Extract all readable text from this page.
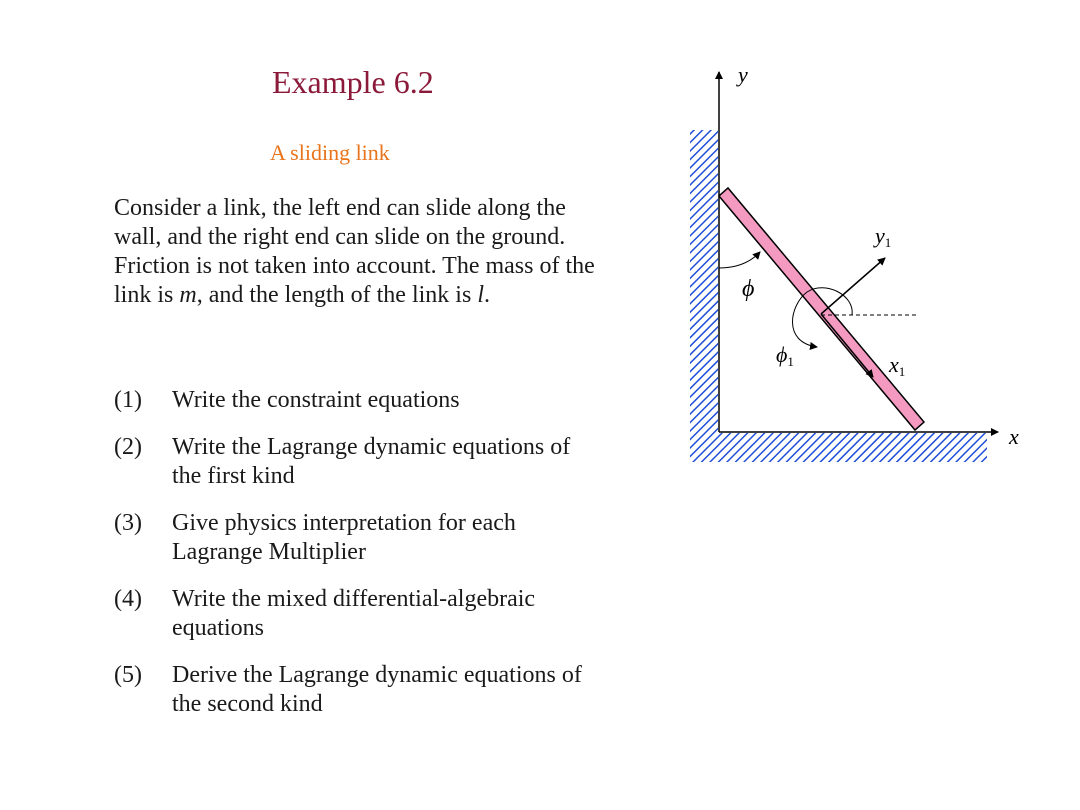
Example 6.2
A sliding link
Consider a link, the left end can slide along the wall, and the right end can slide on the ground. Friction is not taken into account. The mass of the link is m, and the length of the link is l.
(1) Write the constraint equations
(2) Write the Lagrange dynamic equations of the first kind
(3) Give physics interpretation for each Lagrange Multiplier
(4) Write the mixed differential-algebraic equations
(5) Derive the Lagrange dynamic equations of the second kind
y
x
ϕ
ϕ1
y1
x1
